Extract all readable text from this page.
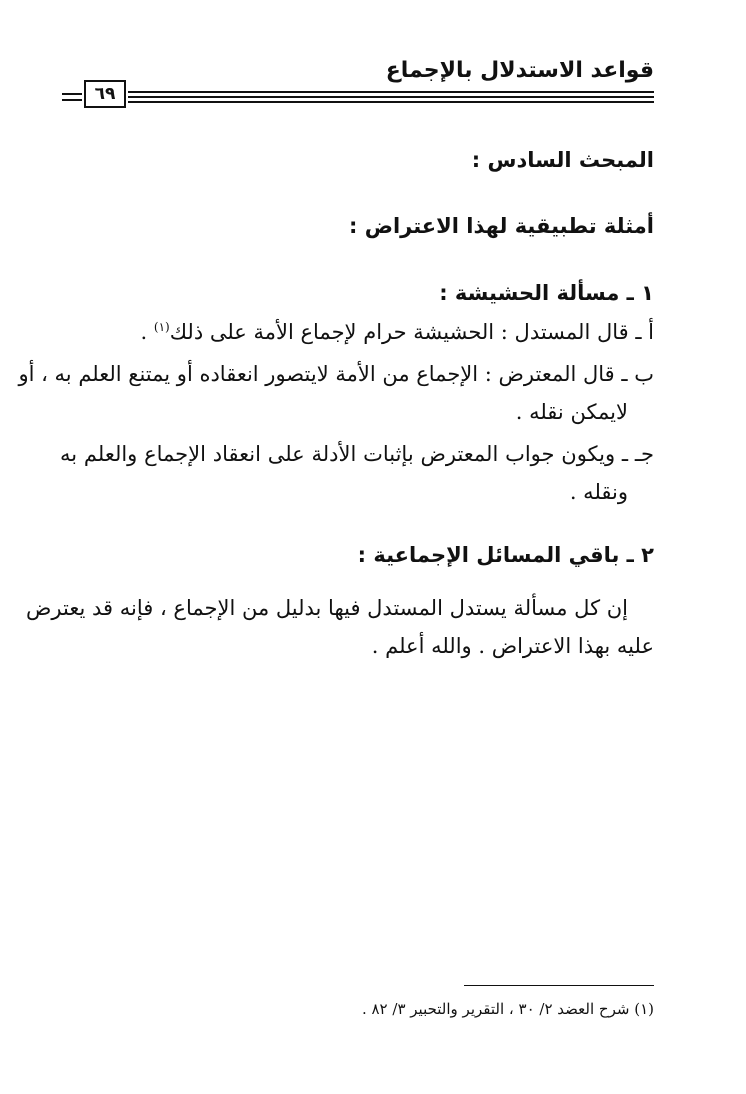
قواعد الاستدلال بالإجماع
٦٩
المبحث السادس :
أمثلة تطبيقية لهذا الاعتراض :
١ ـ مسألة الحشيشة :
أ ـ قال المستدل : الحشيشة حرام لإجماع الأمة على ذلك$^{(١)}$ .
ب ـ قال المعترض : الإجماع من الأمة لايتصور انعقاده أو يمتنع العلم به ، أو
لايمكن نقله .
جـ ـ ويكون جواب المعترض بإثبات الأدلة على انعقاد الإجماع والعلم به
ونقله .
٢ ـ باقي المسائل الإجماعية :
إن كل مسألة يستدل المستدل فيها بدليل من الإجماع ، فإنه قد يعترض
عليه بهذا الاعتراض . والله أعلم .
(١) شرح العضد ٢/ ٣٠ ، التقرير والتحبير ٣/ ٨٢ .
